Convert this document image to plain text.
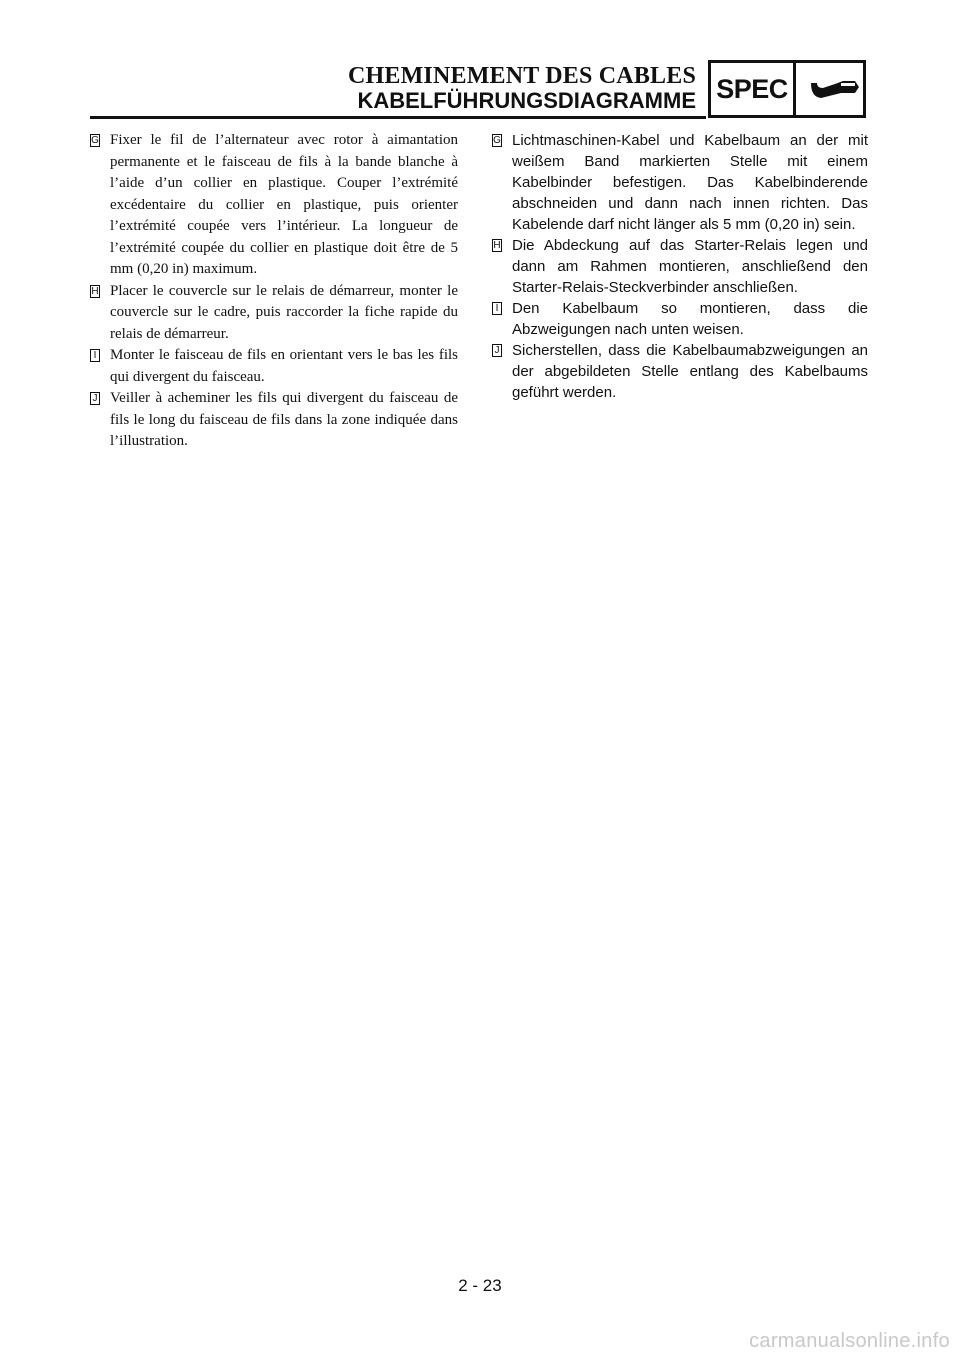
CHEMINEMENT DES CABLES
KABELFÜHRUNGSDIAGRAMME SPEC

G Fixer le fil de l’alternateur avec rotor à aimantation permanente et le faisceau de fils à la bande blanche à l’aide d’un collier en plastique. Couper l’extrémité excédentaire du collier en plastique, puis orienter l’extrémité coupée vers l’intérieur. La longueur de l’extrémité coupée du collier en plastique doit être de 5 mm (0,20 in) maximum.

H Placer le couvercle sur le relais de démarreur, monter le couvercle sur le cadre, puis raccorder la fiche rapide du relais de démarreur.

I Monter le faisceau de fils en orientant vers le bas les fils qui divergent du faisceau.

J Veiller à acheminer les fils qui divergent du faisceau de fils le long du faisceau de fils dans la zone indiquée dans l’illustration.

G Lichtmaschinen-Kabel und Kabelbaum an der mit weißem Band markierten Stelle mit einem Kabelbinder befestigen. Das Kabelbinderende abschneiden und dann nach innen richten. Das Kabelende darf nicht länger als 5 mm (0,20 in) sein.

H Die Abdeckung auf das Starter-Relais legen und dann am Rahmen montieren, anschließend den Starter-Relais-Steckverbinder anschließen.

I Den Kabelbaum so montieren, dass die Abzweigungen nach unten weisen.

J Sicherstellen, dass die Kabelbaumabzweigungen an der abgebildeten Stelle entlang des Kabelbaums geführt werden.

2 - 23
carmanualsonline.info
